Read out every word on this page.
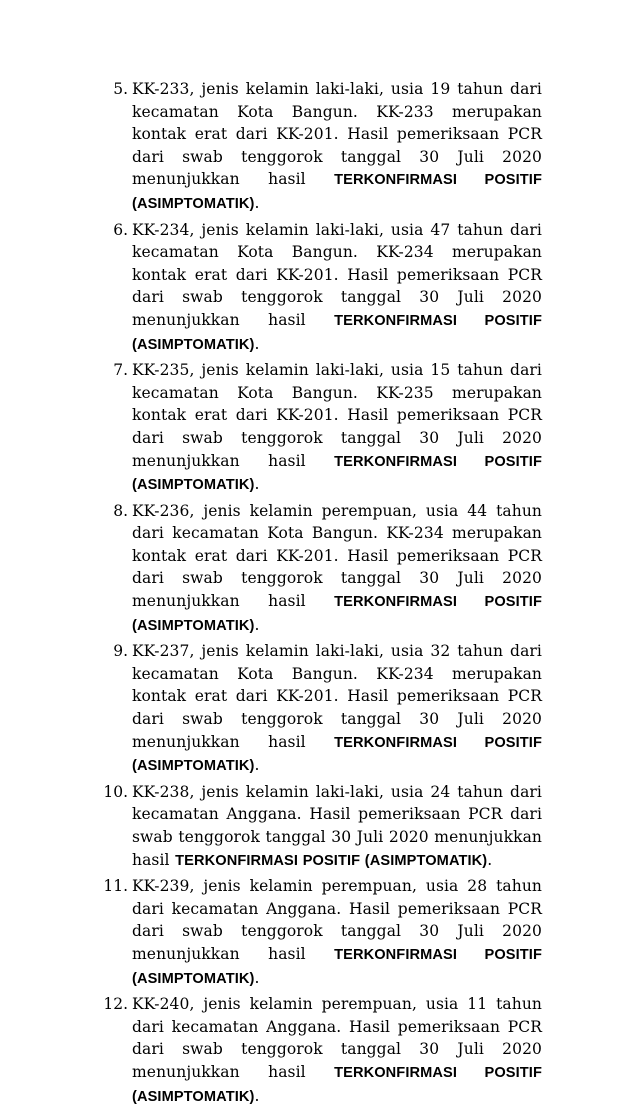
5. KK-233, jenis kelamin laki-laki, usia 19 tahun dari kecamatan Kota Bangun. KK-233 merupakan kontak erat dari KK-201. Hasil pemeriksaan PCR dari swab tenggorok tanggal 30 Juli 2020 menunjukkan hasil TERKONFIRMASI POSITIF (ASIMPTOMATIK).
6. KK-234, jenis kelamin laki-laki, usia 47 tahun dari kecamatan Kota Bangun. KK-234 merupakan kontak erat dari KK-201. Hasil pemeriksaan PCR dari swab tenggorok tanggal 30 Juli 2020 menunjukkan hasil TERKONFIRMASI POSITIF (ASIMPTOMATIK).
7. KK-235, jenis kelamin laki-laki, usia 15 tahun dari kecamatan Kota Bangun. KK-235 merupakan kontak erat dari KK-201. Hasil pemeriksaan PCR dari swab tenggorok tanggal 30 Juli 2020 menunjukkan hasil TERKONFIRMASI POSITIF (ASIMPTOMATIK).
8. KK-236, jenis kelamin perempuan, usia 44 tahun dari kecamatan Kota Bangun. KK-234 merupakan kontak erat dari KK-201. Hasil pemeriksaan PCR dari swab tenggorok tanggal 30 Juli 2020 menunjukkan hasil TERKONFIRMASI POSITIF (ASIMPTOMATIK).
9. KK-237, jenis kelamin laki-laki, usia 32 tahun dari kecamatan Kota Bangun. KK-234 merupakan kontak erat dari KK-201. Hasil pemeriksaan PCR dari swab tenggorok tanggal 30 Juli 2020 menunjukkan hasil TERKONFIRMASI POSITIF (ASIMPTOMATIK).
10. KK-238, jenis kelamin laki-laki, usia 24 tahun dari kecamatan Anggana. Hasil pemeriksaan PCR dari swab tenggorok tanggal 30 Juli 2020 menunjukkan hasil TERKONFIRMASI POSITIF (ASIMPTOMATIK).
11. KK-239, jenis kelamin perempuan, usia 28 tahun dari kecamatan Anggana. Hasil pemeriksaan PCR dari swab tenggorok tanggal 30 Juli 2020 menunjukkan hasil TERKONFIRMASI POSITIF (ASIMPTOMATIK).
12. KK-240, jenis kelamin perempuan, usia 11 tahun dari kecamatan Anggana. Hasil pemeriksaan PCR dari swab tenggorok tanggal 30 Juli 2020 menunjukkan hasil TERKONFIRMASI POSITIF (ASIMPTOMATIK).
